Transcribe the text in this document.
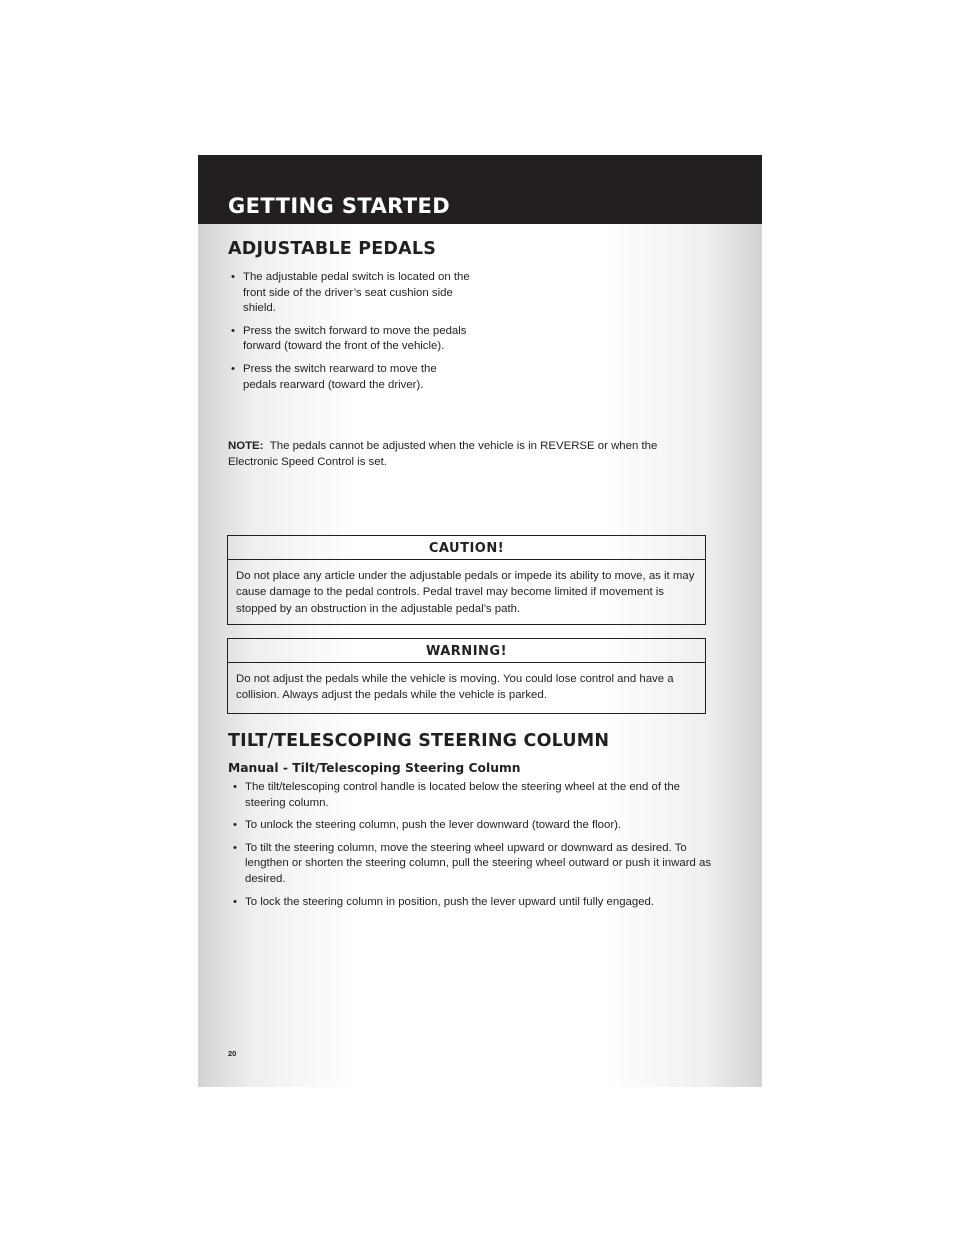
GETTING STARTED
ADJUSTABLE PEDALS
• The adjustable pedal switch is located on the front side of the driver’s seat cushion side shield.
• Press the switch forward to move the pedals forward (toward the front of the vehicle).
• Press the switch rearward to move the pedals rearward (toward the driver).
NOTE: The pedals cannot be adjusted when the vehicle is in REVERSE or when the Electronic Speed Control is set.
CAUTION!
Do not place any article under the adjustable pedals or impede its ability to move, as it may cause damage to the pedal controls. Pedal travel may become limited if movement is stopped by an obstruction in the adjustable pedal’s path.
WARNING!
Do not adjust the pedals while the vehicle is moving. You could lose control and have a collision. Always adjust the pedals while the vehicle is parked.
TILT/TELESCOPING STEERING COLUMN
Manual - Tilt/Telescoping Steering Column
• The tilt/telescoping control handle is located below the steering wheel at the end of the steering column.
• To unlock the steering column, push the lever downward (toward the floor).
• To tilt the steering column, move the steering wheel upward or downward as desired. To lengthen or shorten the steering column, pull the steering wheel outward or push it inward as desired.
• To lock the steering column in position, push the lever upward until fully engaged.
20
